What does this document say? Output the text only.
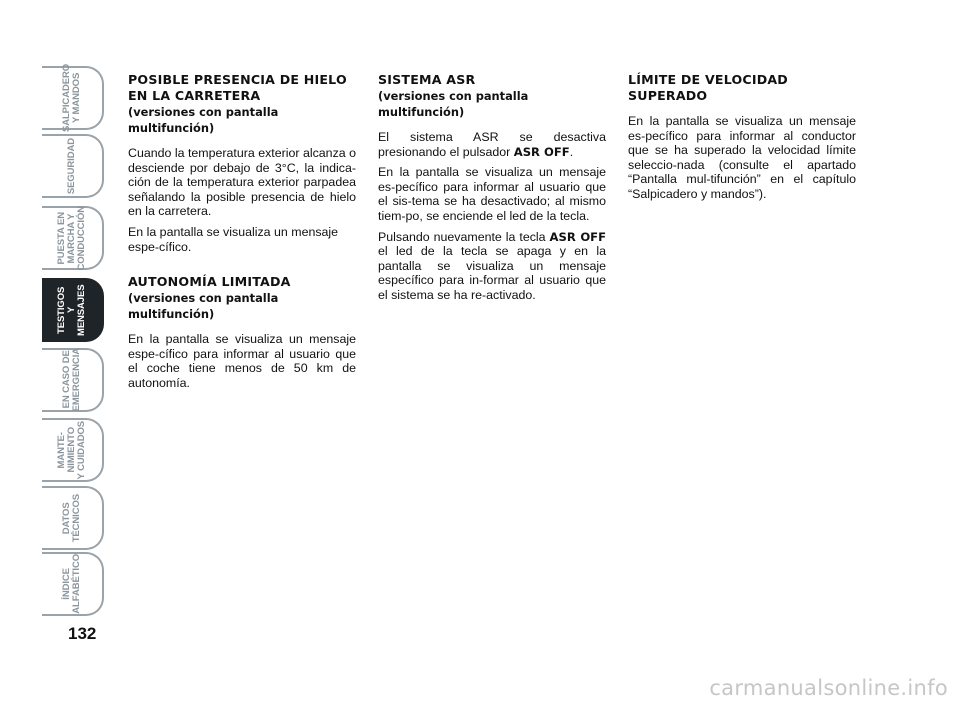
SALPICADERO
Y MANDOS
SEGURIDAD
PUESTA EN
MARCHA Y
CONDUCCIÓN
TESTIGOS
Y MENSAJES
EN CASO DE
EMERGENCIA
MANTE-
NIMIENTO
Y CUIDADOS
DATOS
TÉCNICOS
ÍNDICE
ALFABÉTICO
132
POSIBLE PRESENCIA DE HIELO EN LA CARRETERA
(versiones con pantalla multifunción)

Cuando la temperatura exterior alcanza o desciende por debajo de 3°C, la indica-ción de la temperatura exterior parpadea señalando la posible presencia de hielo en la carretera.

En la pantalla se visualiza un mensaje espe-cífico.

AUTONOMÍA LIMITADA
(versiones con pantalla multifunción)

En la pantalla se visualiza un mensaje espe-cífico para informar al usuario que el coche tiene menos de 50 km de autonomía.

SISTEMA ASR
(versiones con pantalla multifunción)

El sistema ASR se desactiva presionando el pulsador ASR OFF.

En la pantalla se visualiza un mensaje es-pecífico para informar al usuario que el sis-tema se ha desactivado; al mismo tiem-po, se enciende el led de la tecla.

Pulsando nuevamente la tecla ASR OFF el led de la tecla se apaga y en la pantalla se visualiza un mensaje específico para in-formar al usuario que el sistema se ha re-activado.

LÍMITE DE VELOCIDAD SUPERADO

En la pantalla se visualiza un mensaje es-pecífico para informar al conductor que se ha superado la velocidad límite seleccio-nada (consulte el apartado “Pantalla mul-tifunción” en el capítulo “Salpicadero y mandos”).

carmanualsonline.info
